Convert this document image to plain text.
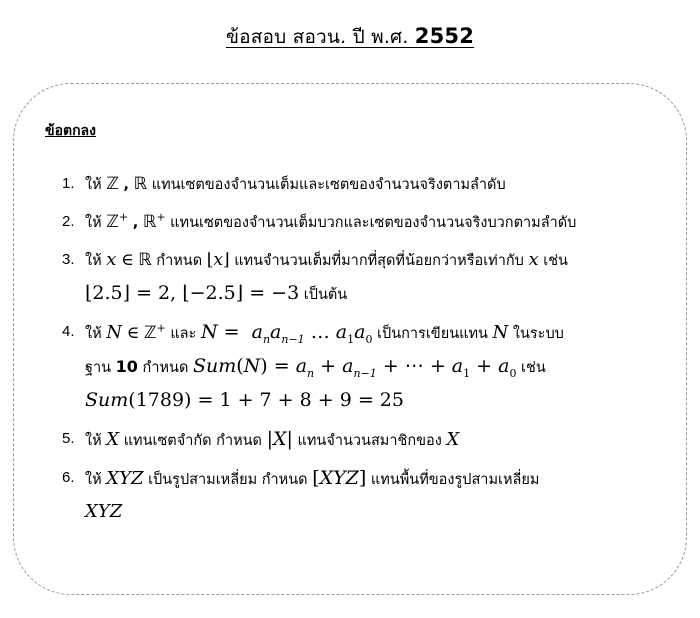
ข้อสอบ สอวน. ปี พ.ศ. 2552
ข้อตกลง
1. ให้ ℤ , ℝ แทนเซตของจำนวนเต็มและเซตของจำนวนจริงตามลำดับ
2. ให้ ℤ+ , ℝ+ แทนเซตของจำนวนเต็มบวกและเซตของจำนวนจริงบวกตามลำดับ
3. ให้ x ∈ ℝ กำหนด ⌊x⌋ แทนจำนวนเต็มที่มากที่สุดที่น้อยกว่าหรือเท่ากับ x เช่น
⌊2.5⌋ = 2, ⌊−2.5⌋ = −3 เป็นต้น
4. ให้ N ∈ ℤ+ และ $N = a_na_{n-1}$ … $a_1a_0$ เป็นการเขียนแทน N ในระบบ
ฐาน 10 กำหนด $Sum(N) = a_n + a_{n-1}$ + ⋯ + $a_1 + a_0$ เช่น
Sum(1789) = 1 + 7 + 8 + 9 = 25
5. ให้ X แทนเซตจำกัด กำหนด |X| แทนจำนวนสมาชิกของ X
6. ให้ XYZ เป็นรูปสามเหลี่ยม กำหนด [XYZ] แทนพื้นที่ของรูปสามเหลี่ยม
XYZ
